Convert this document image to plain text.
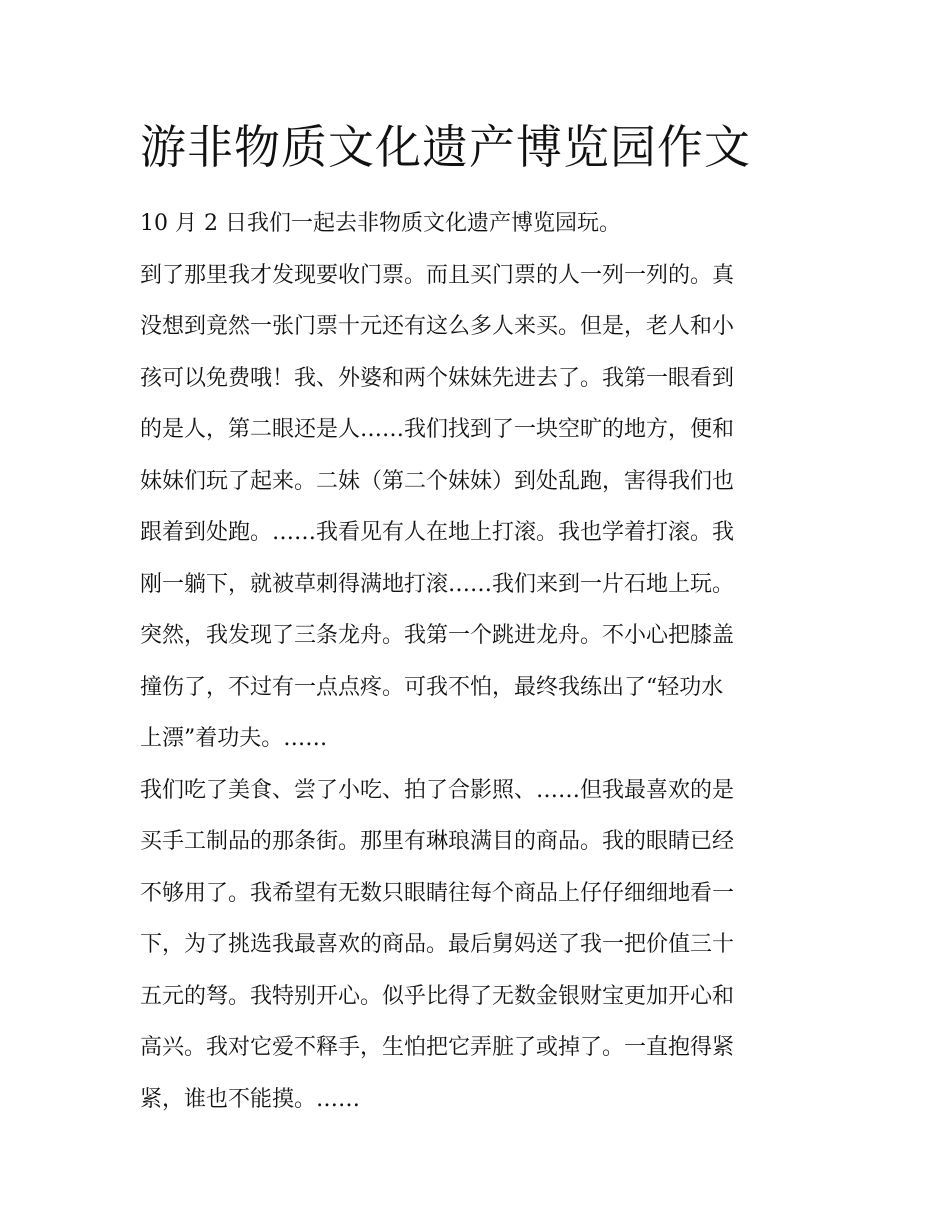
游非物质文化遗产博览园作文

10 月 2 日我们一起去非物质文化遗产博览园玩。

到了那里我才发现要收门票。而且买门票的人一列一列的。真
没想到竟然一张门票十元还有这么多人来买。但是，老人和小
孩可以免费哦！我、外婆和两个妹妹先进去了。我第一眼看到
的是人，第二眼还是人……我们找到了一块空旷的地方，便和
妹妹们玩了起来。二妹（第二个妹妹）到处乱跑，害得我们也
跟着到处跑。……我看见有人在地上打滚。我也学着打滚。我
刚一躺下，就被草刺得满地打滚……我们来到一片石地上玩。
突然，我发现了三条龙舟。我第一个跳进龙舟。不小心把膝盖
撞伤了，不过有一点点疼。可我不怕，最终我练出了“轻功水
上漂”着功夫。……

我们吃了美食、尝了小吃、拍了合影照、……但我最喜欢的是
买手工制品的那条街。那里有琳琅满目的商品。我的眼睛已经
不够用了。我希望有无数只眼睛往每个商品上仔仔细细地看一
下，为了挑选我最喜欢的商品。最后舅妈送了我一把价值三十
五元的弩。我特别开心。似乎比得了无数金银财宝更加开心和
高兴。我对它爱不释手，生怕把它弄脏了或掉了。一直抱得紧
紧，谁也不能摸。……
